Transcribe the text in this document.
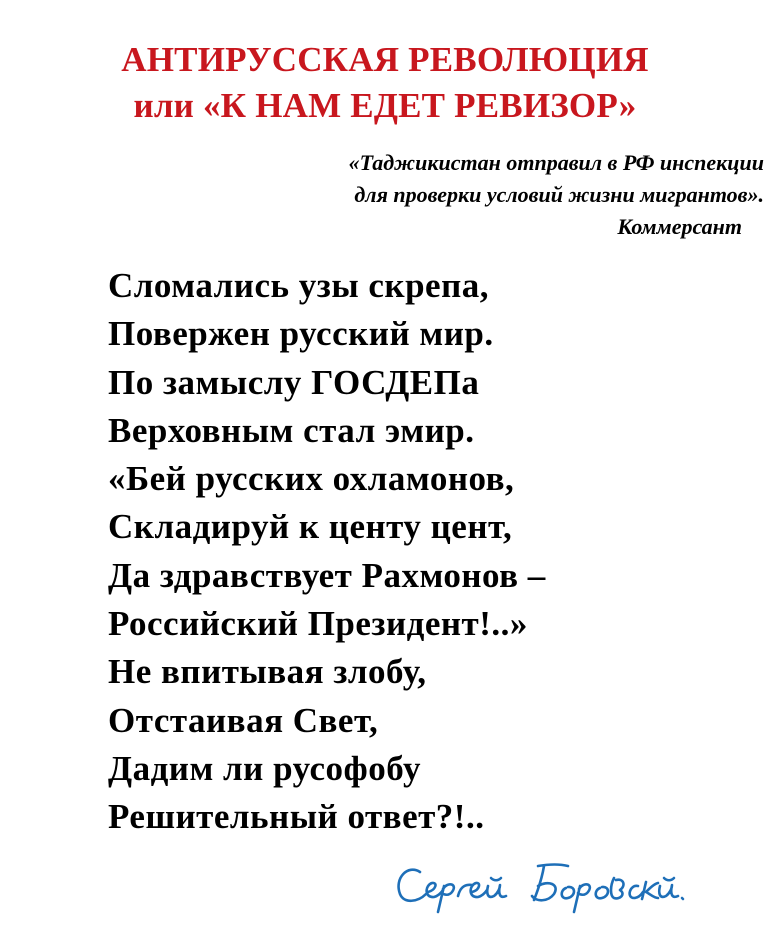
АНТИРУССКАЯ РЕВОЛЮЦИЯ
или «К НАМ ЕДЕТ РЕВИЗОР»
«Таджикистан отправил в РФ инспекции
для проверки условий жизни мигрантов».
Коммерсант
Сломались узы скрепа,
Повержен русский мир.
По замыслу ГОСДЕПа
Верховным стал эмир.
«Бей русских охламонов,
Складируй к центу цент,
Да здравствует Рахмонов –
Российский Президент!..»
Не впитывая злобу,
Отстаивая Свет,
Дадим ли русофобу
Решительный ответ?!..
